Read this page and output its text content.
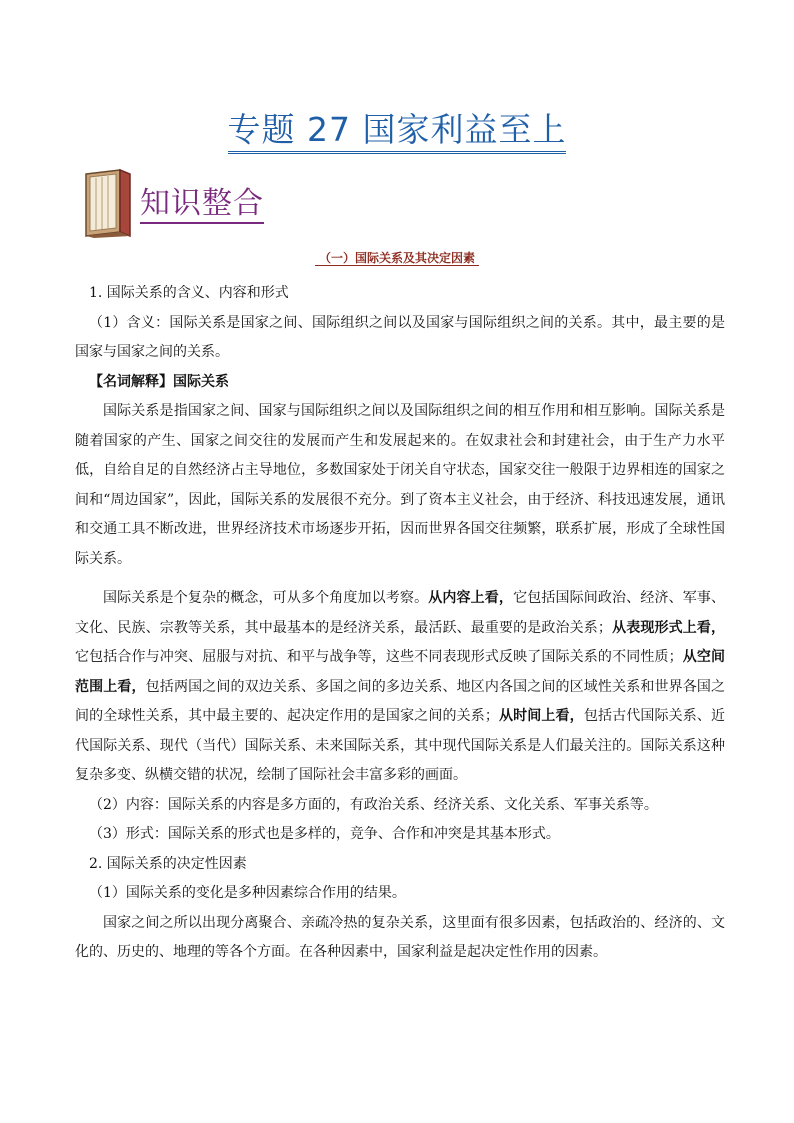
专题 27 国家利益至上
知识整合
（一）国际关系及其决定因素

1. 国际关系的含义、内容和形式

（1）含义：国际关系是国家之间、国际组织之间以及国家与国际组织之间的关系。其中，最主要的是国家与国家之间的关系。

【名词解释】国际关系

国际关系是指国家之间、国家与国际组织之间以及国际组织之间的相互作用和相互影响。国际关系是随着国家的产生、国家之间交往的发展而产生和发展起来的。在奴隶社会和封建社会，由于生产力水平低，自给自足的自然经济占主导地位，多数国家处于闭关自守状态，国家交往一般限于边界相连的国家之间和“周边国家”，因此，国际关系的发展很不充分。到了资本主义社会，由于经济、科技迅速发展，通讯和交通工具不断改进，世界经济技术市场逐步开拓，因而世界各国交往频繁，联系扩展，形成了全球性国际关系。

国际关系是个复杂的概念，可从多个角度加以考察。从内容上看，它包括国际间政治、经济、军事、文化、民族、宗教等关系，其中最基本的是经济关系，最活跃、最重要的是政治关系；从表现形式上看，它包括合作与冲突、屈服与对抗、和平与战争等，这些不同表现形式反映了国际关系的不同性质；从空间范围上看，包括两国之间的双边关系、多国之间的多边关系、地区内各国之间的区域性关系和世界各国之间的全球性关系，其中最主要的、起决定作用的是国家之间的关系；从时间上看，包括古代国际关系、近代国际关系、现代（当代）国际关系、未来国际关系，其中现代国际关系是人们最关注的。国际关系这种复杂多变、纵横交错的状况，绘制了国际社会丰富多彩的画面。

（2）内容：国际关系的内容是多方面的，有政治关系、经济关系、文化关系、军事关系等。

（3）形式：国际关系的形式也是多样的，竞争、合作和冲突是其基本形式。

2. 国际关系的决定性因素

（1）国际关系的变化是多种因素综合作用的结果。

国家之间之所以出现分离聚合、亲疏冷热的复杂关系，这里面有很多因素，包括政治的、经济的、文化的、历史的、地理的等各个方面。在各种因素中，国家利益是起决定性作用的因素。
